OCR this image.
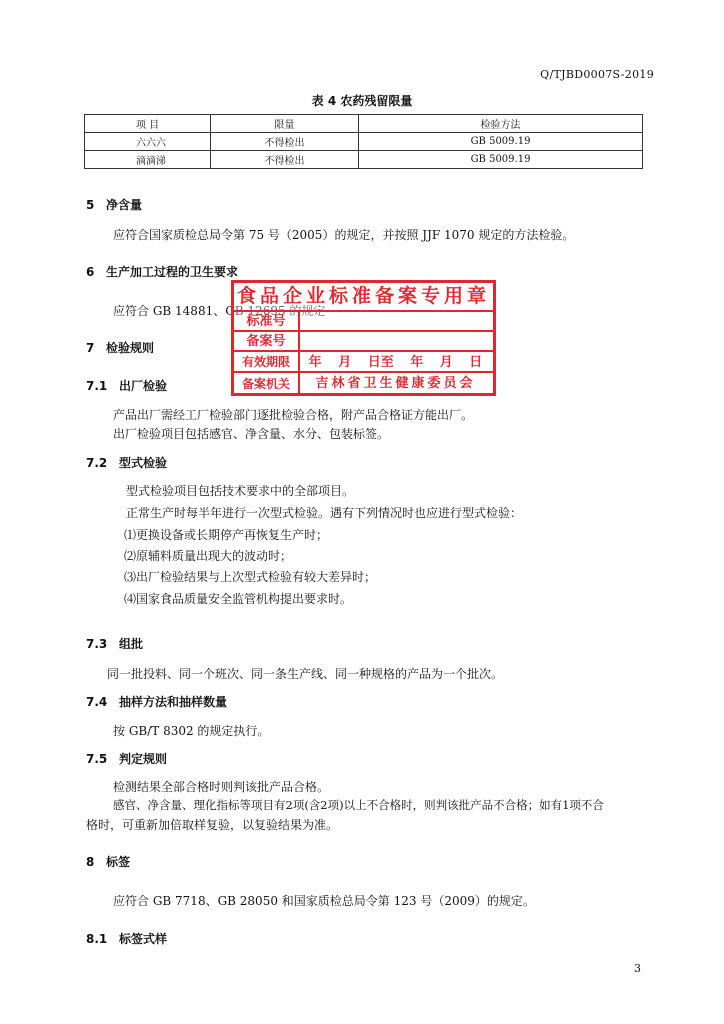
Q/TJBD0007S-2019
表 4 农药残留限量
项 目	限量	检验方法
六六六	不得检出	GB 5009.19
滴滴涕	不得检出	GB 5009.19
5 净含量
应符合国家质检总局令第 75 号（2005）的规定，并按照 JJF 1070 规定的方法检验。
6 生产加工过程的卫生要求
应符合 GB 14881、GB 12695 的规定
7 检验规则
7.1 出厂检验
产品出厂需经工厂检验部门逐批检验合格，附产品合格证方能出厂。
出厂检验项目包括感官、净含量、水分、包装标签。
7.2 型式检验
型式检验项目包括技术要求中的全部项目。
正常生产时每半年进行一次型式检验。遇有下列情况时也应进行型式检验：
⑴更换设备或长期停产再恢复生产时；
⑵原辅料质量出现大的波动时；
⑶出厂检验结果与上次型式检验有较大差异时；
⑷国家食品质量安全监管机构提出要求时。
7.3 组批
同一批投料、同一个班次、同一条生产线、同一种规格的产品为一个批次。
7.4 抽样方法和抽样数量
按 GB/T 8302 的规定执行。
7.5 判定规则
检测结果全部合格时则判该批产品合格。
感官、净含量、理化指标等项目有2项(含2项)以上不合格时，则判该批产品不合格；如有1项不合
格时，可重新加倍取样复验，以复验结果为准。
8 标签
应符合 GB 7718、GB 28050 和国家质检总局令第 123 号（2009）的规定。
8.1 标签式样
食品企业标准备案专用章
标准号
备案号
有效期限	年 月 日至 年 月 日
备案机关	吉林省卫生健康委员会
3
